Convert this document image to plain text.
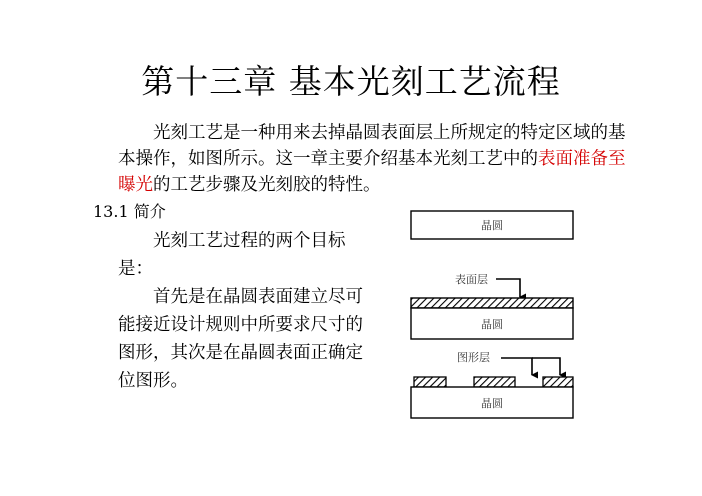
第十三章 基本光刻工艺流程
光刻工艺是一种用来去掉晶圆表面层上所规定的特定区域的基本操作，如图所示。这一章主要介绍基本光刻工艺中的表面准备至曝光的工艺步骤及光刻胶的特性。
13.1 简介

光刻工艺过程的两个目标是：

首先是在晶圆表面建立尽可能接近设计规则中所要求尺寸的图形，其次是在晶圆表面正确定位图形。

晶圆
表面层
晶圆
图形层
晶圆
